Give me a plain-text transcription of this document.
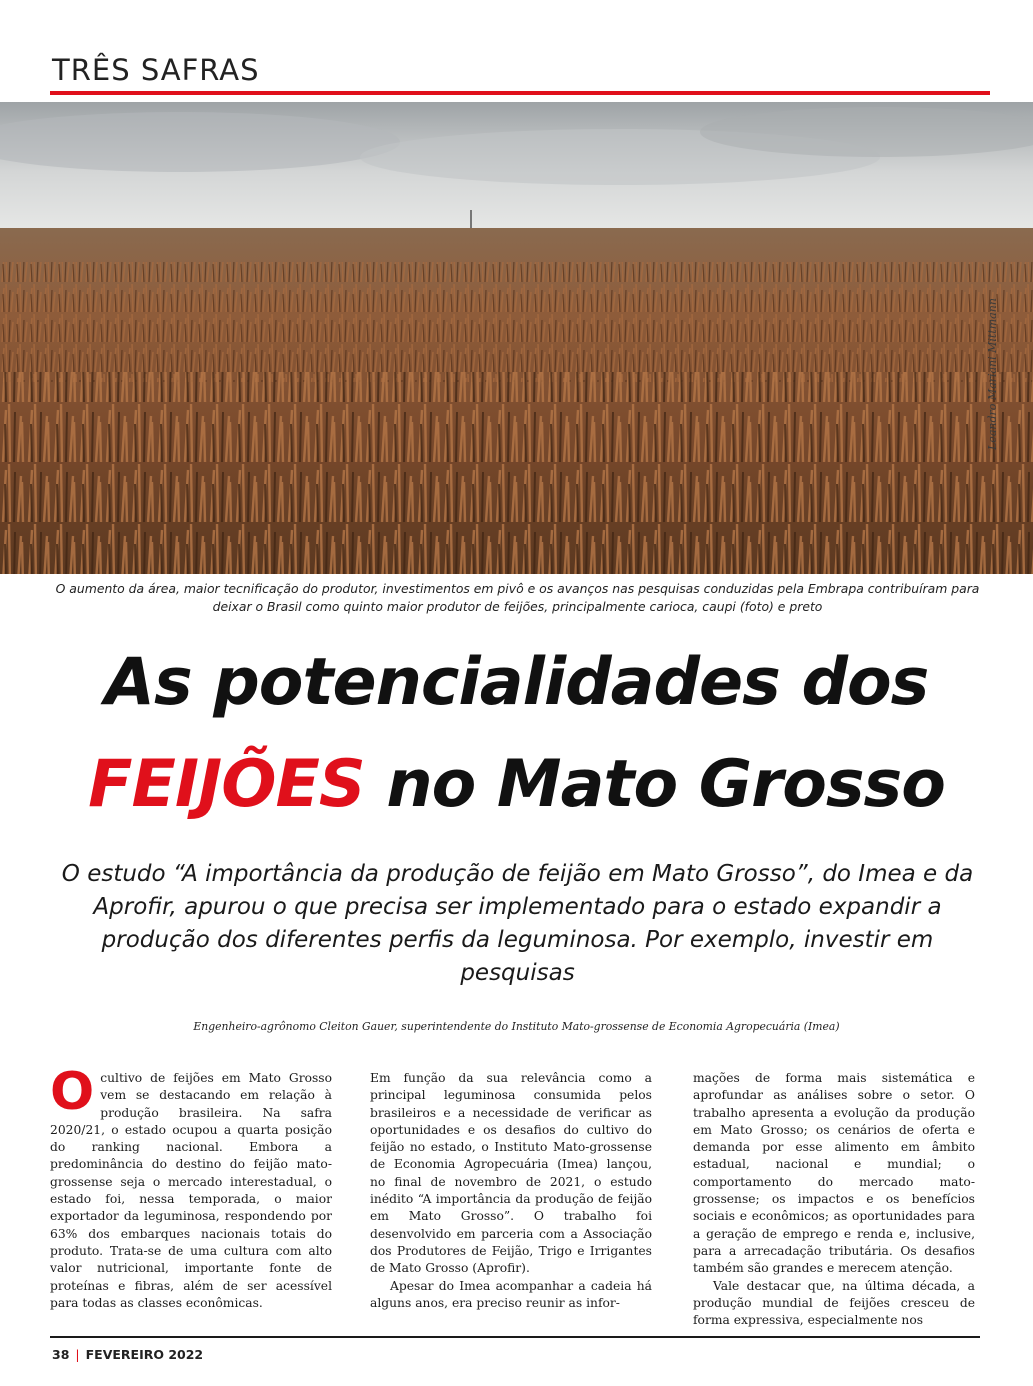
TRÊS SAFRAS
Leandro Mariani Mittmann
O aumento da área, maior tecnificação do produtor, investimentos em pivô e os avanços nas pesquisas conduzidas pela Embrapa contribuíram para deixar o Brasil como quinto maior produtor de feijões, principalmente carioca, caupi (foto) e preto
As potencialidades dos
FEIJÕES no Mato Grosso
O estudo “A importância da produção de feijão em Mato Grosso”, do Imea e da Aprofir, apurou o que precisa ser implementado para o estado expandir a produção dos diferentes perfis da leguminosa. Por exemplo, investir em pesquisas
Engenheiro-agrônomo Cleiton Gauer, superintendente do Instituto Mato-grossense de Economia Agropecuária (Imea)

Ocultivo de feijões em Mato Grosso vem se destacando em relação à produção brasileira. Na safra 2020/21, o estado ocupou a quarta posição do ranking nacional. Embora a predominância do destino do feijão mato-grossense seja o mercado interestadual, o estado foi, nessa temporada, o maior exportador da leguminosa, respondendo por 63% dos embarques nacionais totais do produto. Trata-se de uma cultura com alto valor nutricional, importante fonte de proteínas e fibras, além de ser acessível para todas as classes econômicas.

Em função da sua relevância como a principal leguminosa consumida pelos brasileiros e a necessidade de verificar as oportunidades e os desafios do cultivo do feijão no estado, o Instituto Mato-grossense de Economia Agropecuária (Imea) lançou, no final de novembro de 2021, o estudo inédito “A importância da produção de feijão em Mato Grosso”. O trabalho foi desenvolvido em parceria com a Associação dos Produtores de Feijão, Trigo e Irrigantes de Mato Grosso (Aprofir).

Apesar do Imea acompanhar a cadeia há alguns anos, era preciso reunir as infor-

mações de forma mais sistemática e aprofundar as análises sobre o setor. O trabalho apresenta a evolução da produção em Mato Grosso; os cenários de oferta e demanda por esse alimento em âmbito estadual, nacional e mundial; o comportamento do mercado mato-grossense; os impactos e os benefícios sociais e econômicos; as oportunidades para a geração de emprego e renda e, inclusive, para a arrecadação tributária. Os desafios também são grandes e merecem atenção.

Vale destacar que, na última década, a produção mundial de feijões cresceu de forma expressiva, especialmente nos

38 | FEVEREIRO 2022
